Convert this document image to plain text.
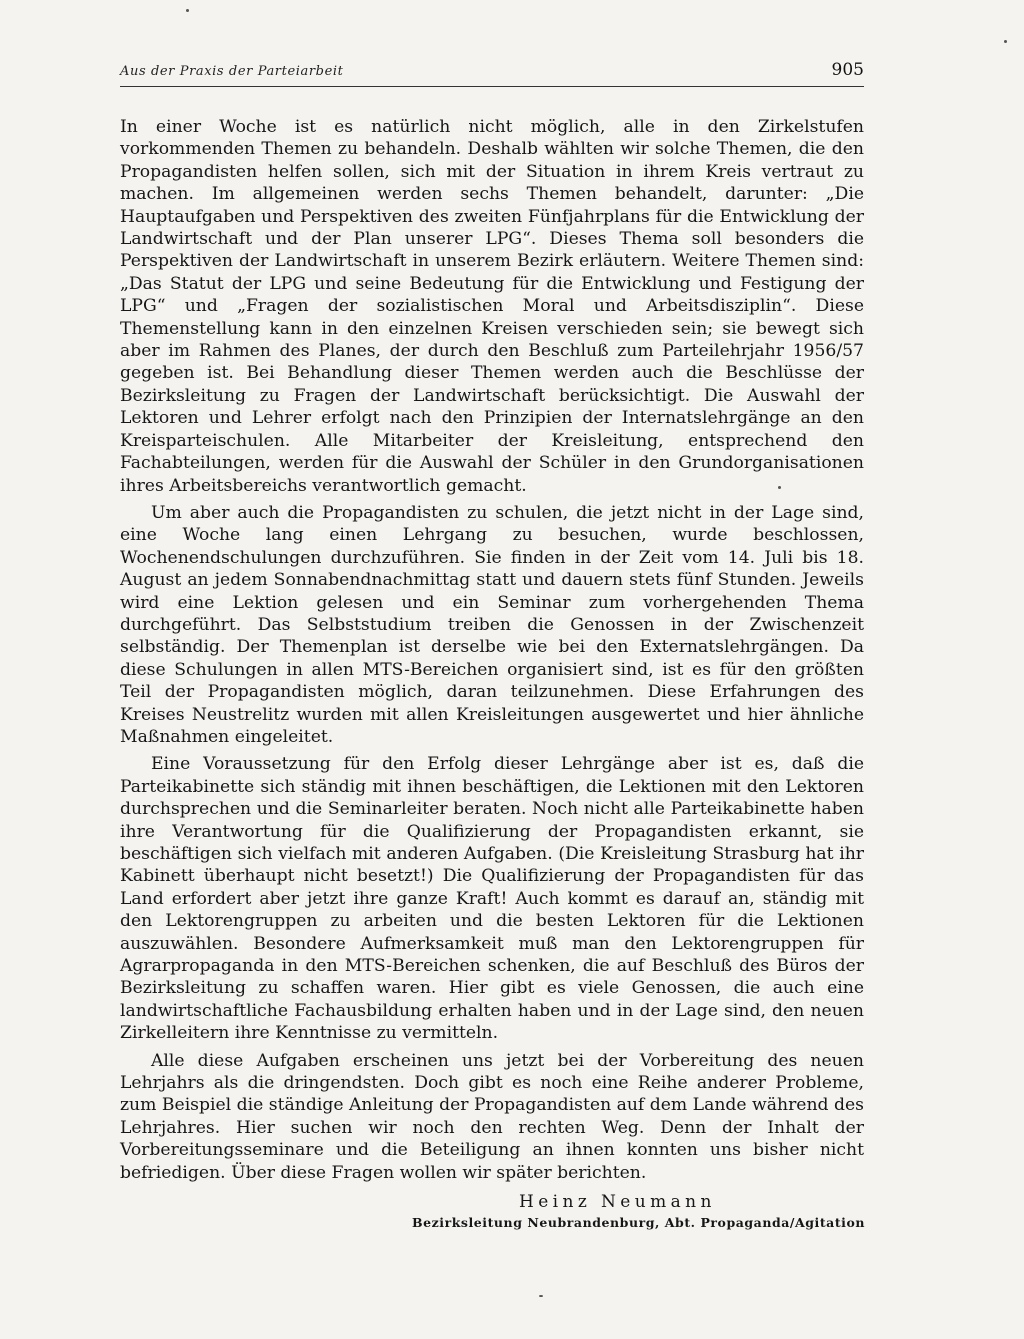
Aus der Praxis der Parteiarbeit	905

In einer Woche ist es natürlich nicht möglich, alle in den Zirkelstufen vorkommenden Themen zu behandeln. Deshalb wählten wir solche Themen, die den Propagandisten helfen sollen, sich mit der Situation in ihrem Kreis vertraut zu machen. Im allgemeinen werden sechs Themen behandelt, darunter: „Die Hauptaufgaben und Perspektiven des zweiten Fünfjahrplans für die Entwicklung der Landwirtschaft und der Plan unserer LPG“. Dieses Thema soll besonders die Perspektiven der Landwirtschaft in unserem Bezirk erläutern. Weitere Themen sind: „Das Statut der LPG und seine Bedeutung für die Entwicklung und Festigung der LPG“ und „Fragen der sozialistischen Moral und Arbeitsdisziplin“. Diese Themenstellung kann in den einzelnen Kreisen verschieden sein; sie bewegt sich aber im Rahmen des Planes, der durch den Beschluß zum Parteilehrjahr 1956/57 gegeben ist. Bei Behandlung dieser Themen werden auch die Beschlüsse der Bezirksleitung zu Fragen der Landwirtschaft berücksichtigt. Die Auswahl der Lektoren und Lehrer erfolgt nach den Prinzipien der Internatslehrgänge an den Kreisparteischulen. Alle Mitarbeiter der Kreisleitung, entsprechend den Fachabteilungen, werden für die Auswahl der Schüler in den Grundorganisationen ihres Arbeitsbereichs verantwortlich gemacht.

Um aber auch die Propagandisten zu schulen, die jetzt nicht in der Lage sind, eine Woche lang einen Lehrgang zu besuchen, wurde beschlossen, Wochenendschulungen durchzuführen. Sie finden in der Zeit vom 14. Juli bis 18. August an jedem Sonnabendnachmittag statt und dauern stets fünf Stunden. Jeweils wird eine Lektion gelesen und ein Seminar zum vorhergehenden Thema durchgeführt. Das Selbststudium treiben die Genossen in der Zwischenzeit selbständig. Der Themenplan ist derselbe wie bei den Externatslehrgängen. Da diese Schulungen in allen MTS-Bereichen organisiert sind, ist es für den größten Teil der Propagandisten möglich, daran teilzunehmen. Diese Erfahrungen des Kreises Neustrelitz wurden mit allen Kreisleitungen ausgewertet und hier ähnliche Maßnahmen eingeleitet.

Eine Voraussetzung für den Erfolg dieser Lehrgänge aber ist es, daß die Parteikabinette sich ständig mit ihnen beschäftigen, die Lektionen mit den Lektoren durchsprechen und die Seminarleiter beraten. Noch nicht alle Parteikabinette haben ihre Verantwortung für die Qualifizierung der Propagandisten erkannt, sie beschäftigen sich vielfach mit anderen Aufgaben. (Die Kreisleitung Strasburg hat ihr Kabinett überhaupt nicht besetzt!) Die Qualifizierung der Propagandisten für das Land erfordert aber jetzt ihre ganze Kraft! Auch kommt es darauf an, ständig mit den Lektorengruppen zu arbeiten und die besten Lektoren für die Lektionen auszuwählen. Besondere Aufmerksamkeit muß man den Lektorengruppen für Agrarpropaganda in den MTS-Bereichen schenken, die auf Beschluß des Büros der Bezirksleitung zu schaffen waren. Hier gibt es viele Genossen, die auch eine landwirtschaftliche Fachausbildung erhalten haben und in der Lage sind, den neuen Zirkelleitern ihre Kenntnisse zu vermitteln.

Alle diese Aufgaben erscheinen uns jetzt bei der Vorbereitung des neuen Lehrjahrs als die dringendsten. Doch gibt es noch eine Reihe anderer Probleme, zum Beispiel die ständige Anleitung der Propagandisten auf dem Lande während des Lehrjahres. Hier suchen wir noch den rechten Weg. Denn der Inhalt der Vorbereitungsseminare und die Beteiligung an ihnen konnten uns bisher nicht befriedigen. Über diese Fragen wollen wir später berichten.

Heinz Neumann
Bezirksleitung Neubrandenburg, Abt. Propaganda/Agitation
